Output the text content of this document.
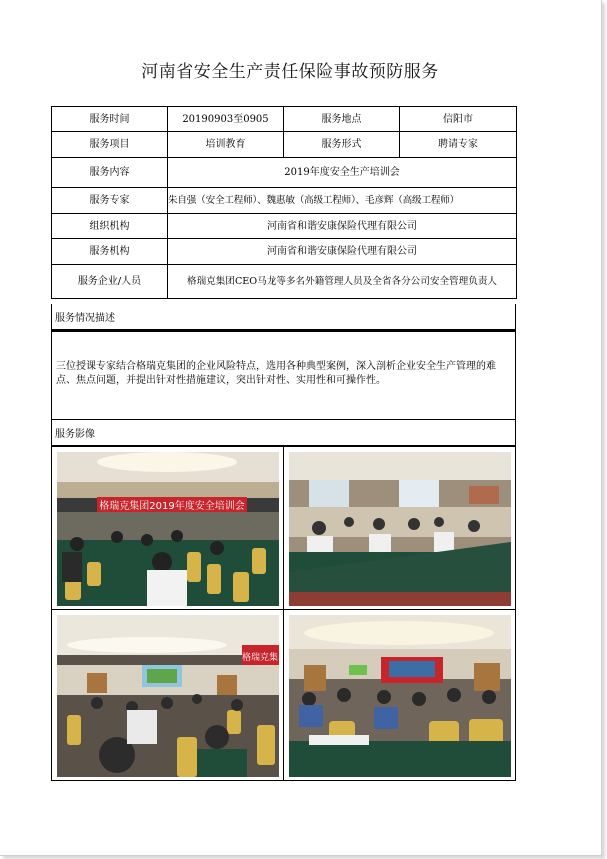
河南省安全生产责任保险事故预防服务
服务时间	20190903至0905	服务地点	信阳市
服务项目	培训教育	服务形式	聘请专家
服务内容	2019年度安全生产培训会		
服务专家	朱自强（安全工程师）、魏惠敏（高级工程师）、毛彦辉（高级工程师）		
组织机构	河南省和谐安康保险代理有限公司		
服务机构	河南省和谐安康保险代理有限公司		
服务企业/人员	格瑞克集团CEO马龙等多名外籍管理人员及全省各分公司安全管理负责人		
服务情况描述
三位授课专家结合格瑞克集团的企业风险特点，选用各种典型案例，深入剖析企业安全生产管理的难点、焦点问题，并提出针对性措施建议，突出针对性、实用性和可操作性。
服务影像
格瑞克集团2019年度安全培训会
格瑞克集
